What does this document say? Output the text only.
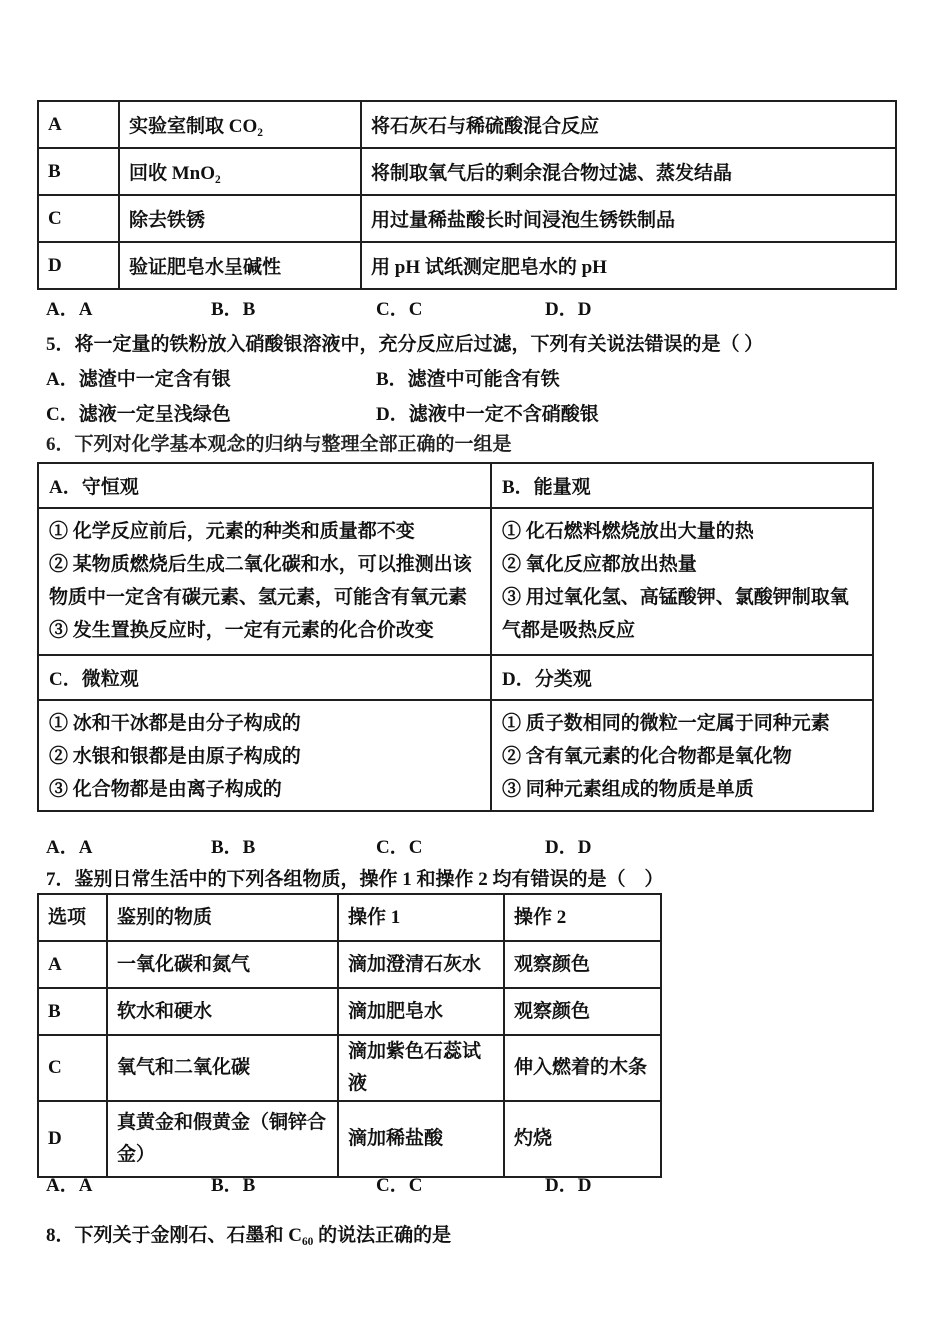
A	实验室制取 CO₂	将石灰石与稀硫酸混合反应
B	回收 MnO₂	将制取氧气后的剩余混合物过滤、蒸发结晶
C	除去铁锈	用过量稀盐酸长时间浸泡生锈铁制品
D	验证肥皂水呈碱性	用 pH 试纸测定肥皂水的 pH
A．A	B．B	C．C	D．D
5．将一定量的铁粉放入硝酸银溶液中，充分反应后过滤，下列有关说法错误的是（ ）
A．滤渣中一定含有银	B．滤渣中可能含有铁
C．滤液一定呈浅绿色	D．滤液中一定不含硝酸银
6．下列对化学基本观念的归纳与整理全部正确的一组是
A．守恒观	B．能量观

① 化学反应前后，元素的种类和质量都不变
② 某物质燃烧后生成二氧化碳和水，可以推测出该物质中一定含有碳元素、氢元素，可能含有氧元素
③ 发生置换反应时，一定有元素的化合价改变

① 化石燃料燃烧放出大量的热
② 氧化反应都放出热量
③ 用过氧化氢、高锰酸钾、氯酸钾制取氧气都是吸热反应

C．微粒观	D．分类观

① 冰和干冰都是由分子构成的
② 水银和银都是由原子构成的
③ 化合物都是由离子构成的

① 质子数相同的微粒一定属于同种元素
② 含有氧元素的化合物都是氧化物
③ 同种元素组成的物质是单质
A．A	B．B	C．C	D．D
7．鉴别日常生活中的下列各组物质，操作 1 和操作 2 均有错误的是（　）
选项	鉴别的物质	操作 1	操作 2
A	一氧化碳和氮气	滴加澄清石灰水	观察颜色
B	软水和硬水	滴加肥皂水	观察颜色
C	氧气和二氧化碳	滴加紫色石蕊试液	伸入燃着的木条
D	真黄金和假黄金（铜锌合金）	滴加稀盐酸	灼烧
A．A	B．B	C．C	D．D
8．下列关于金刚石、石墨和 C₆₀ 的说法正确的是
